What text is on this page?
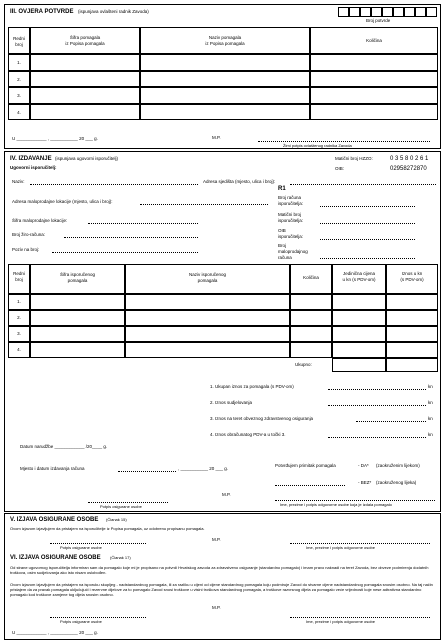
III. OVJERA POTVRDE (ispunjava ovlašteni radnik Zavoda)
Broj potvrde
Redni
broj
Šifra pomagala
iz Popisa pomagala
Naziv pomagala
iz Popisa pomagala
Količina
1.
2.
3.
4.
U ____________ , ___________ 20 ___ g.	M.P.
Žirni potpis ovlaštenog radnika Zavoda
IV. IZDAVANJE (ispunjava ugovorni isporučitelj)
Ugovorni isporučitelj:
Matični broj HZZO:	0 3 5 8 0 2 6 1
OIB:	02958272870
Naziv:	Adresa sjedišta (mjesto, ulica i broj):
R1
Adresa maloprodajne lokacije (mjesto, ulica i broj):
Broj računa
isporučitelja:
Šifra maloprodajne lokacije:
Matični broj
isporučitelja:
Broj žiro-računa:
OIB
isporučitelja:
Poziv na broj:
Broj
maloprodajnog
računa
Redni
broj
Šifra isporučenog
pomagala
Naziv isporučenog
pomagala
Količina
Jedinična cijena
u kn (s PDV-om)
Iznos u kn
(s PDV-om)
1.
2.
3.
4.
Ukupno:
1. Ukupan iznos za pomagala (s PDV-om)	kn
2. Iznos sudjelovanja	kn
3. Iznos na teret obveznog zdravstvenog osiguranja	kn
4. Iznos obračunatog PDV-a u točki 3.	kn
Datum narudžbe ____________ /20____ g.
Potvrđujem primitak pomagala	- DA* (zaokruženim lijekom)
Mjesto i datum izdavanja računa	, ___________ 20 ___ g.
- BEZ* (zaokruženog lijeka)
M.P.
Ime, prezime i potpis odgovorne osobe koja je izdala pomagalo
Potpis osigurane osobe
V. IZJAVA OSIGURANE OSOBE (Članak 15)
Ovom izjavom izjavljujem da pristajem na isporučitelje iz Popisa pomagala, uz odobrenu propisanu pomagala.
M.P.
Potpis osigurane osobe	Ime, prezime i potpis odgovorne osobe
VI. IZJAVA OSIGURANE OSOBE (Članak 17)
Od strane ugovornog isporučitelja informiran sam da pomagalo koje mi je propisano na potvrdi Hrvatskog zavoda za zdravstveno osiguranje (standardno pomagalo) i imam pravo naknadi na teret Zavoda, bez obveze podmirenja dodatnih troškova, osim sudjelovanja ako isto nisam oslobođen.
Ovom izjavom izjavljujem da pristajem na isporuku skupljeg - nadstandardnog pomagala, ili za razliku u cijeni od cijene standardnog pomagala koju podmiruje Zavod do stvarne cijene nadstandardnog pomagala snosim osobno. Na taj način pristajem da za pravak pomagala uključujući i rezervne dijelove za to pomagalo Zavod snosi troškove u visini troškova standardnog pomagala, a troškove razvrsnog dijela za pomagalo veće vrijednosti koje nese adtrativna standardno pomagalo kod troškove zamjene tog dijela snosim osobno.
M.P.
Potpis osigurane osobe	Ime, prezime i potpis odgovorne osobe
U ____________ , ___________ 20 ___ g.
